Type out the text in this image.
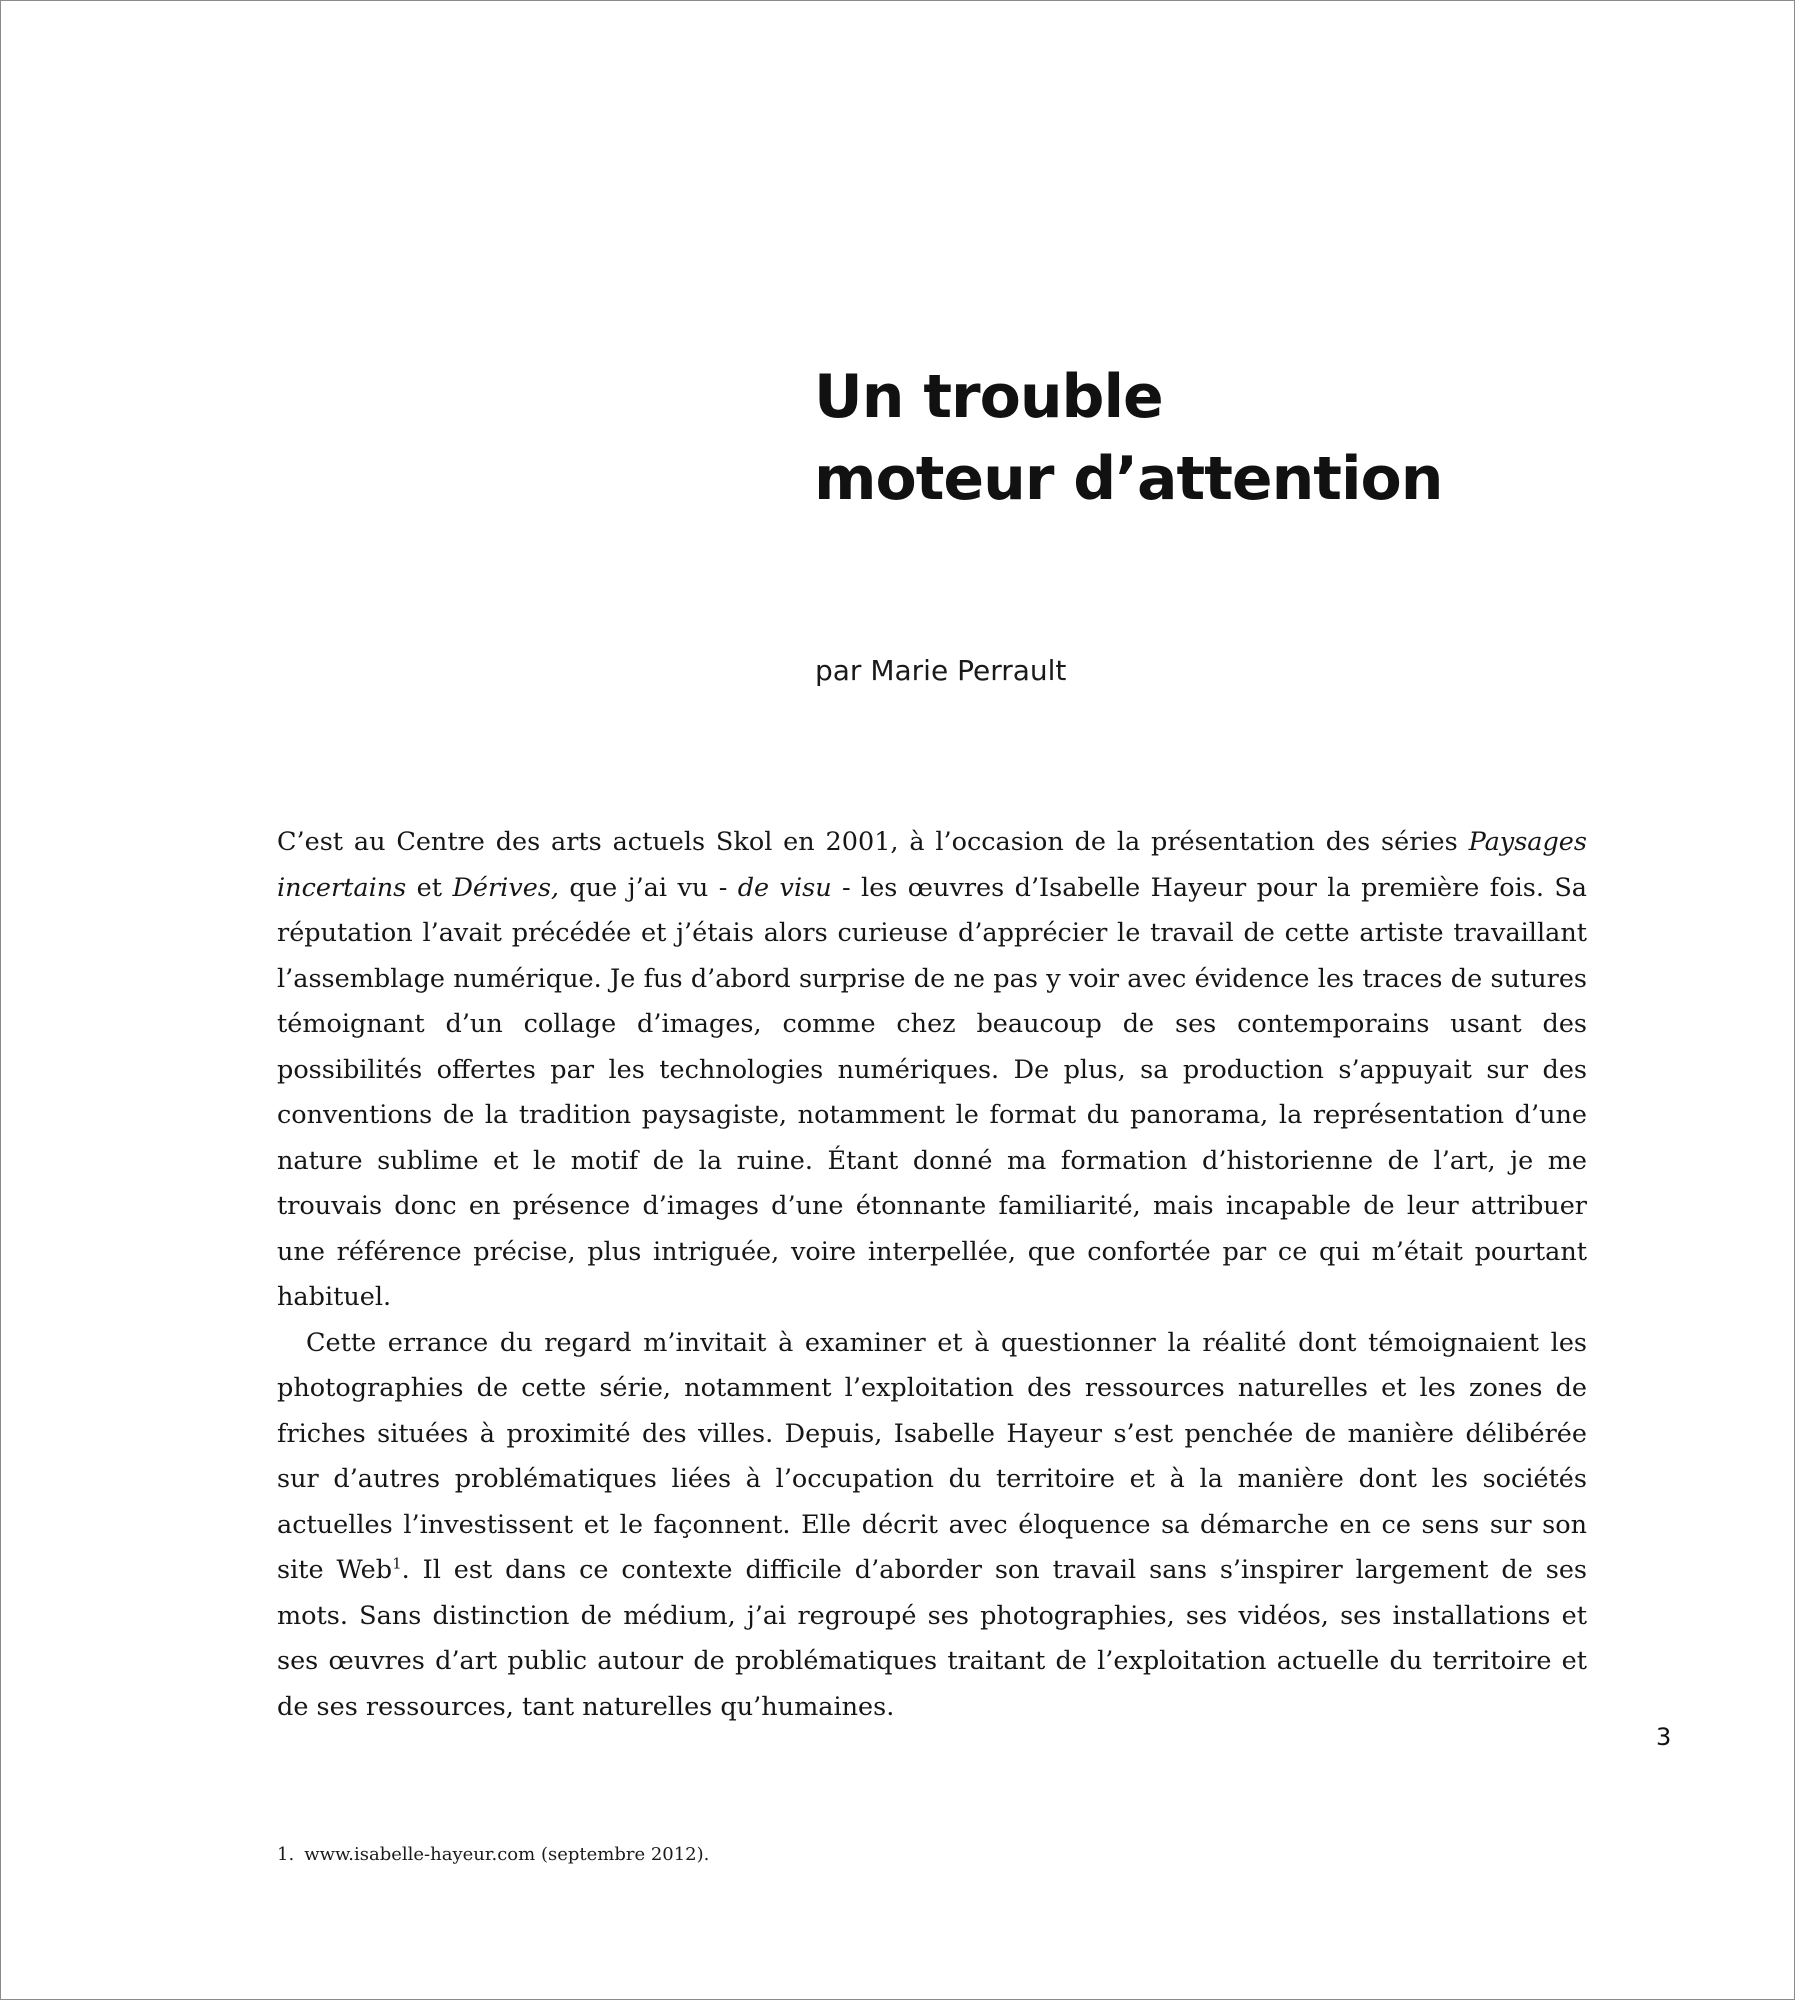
Un trouble
moteur d’attention
par Marie Perrault

C’est au Centre des arts actuels Skol en 2001, à l’occasion de la présentation des séries Paysages incertains et Dérives, que j’ai vu - de visu - les œuvres d’Isabelle Hayeur pour la première fois. Sa réputation l’avait précédée et j’étais alors curieuse d’apprécier le travail de cette artiste travaillant l’assemblage numérique. Je fus d’abord surprise de ne pas y voir avec évidence les traces de sutures témoignant d’un collage d’images, comme chez beaucoup de ses contemporains usant des possibilités offertes par les technologies numériques. De plus, sa production s’appuyait sur des conventions de la tradition paysagiste, notamment le format du panorama, la représentation d’une nature sublime et le motif de la ruine. Étant donné ma formation d’historienne de l’art, je me trouvais donc en présence d’images d’une étonnante familiarité, mais incapable de leur attribuer une référence précise, plus intriguée, voire interpellée, que confortée par ce qui m’était pourtant habituel.

Cette errance du regard m’invitait à examiner et à questionner la réalité dont témoignaient les photographies de cette série, notamment l’exploitation des ressources naturelles et les zones de friches situées à proximité des villes. Depuis, Isabelle Hayeur s’est penchée de manière délibérée sur d’autres problématiques liées à l’occupation du territoire et à la manière dont les sociétés actuelles l’investissent et le façonnent. Elle décrit avec éloquence sa démarche en ce sens sur son site Web$^1$. Il est dans ce contexte difficile d’aborder son travail sans s’inspirer largement de ses mots. Sans distinction de médium, j’ai regroupé ses photographies, ses vidéos, ses installations et ses œuvres d’art public autour de problématiques traitant de l’exploitation actuelle du territoire et de ses ressources, tant naturelles qu’humaines.

3
1. www.isabelle-hayeur.com (septembre 2012).
